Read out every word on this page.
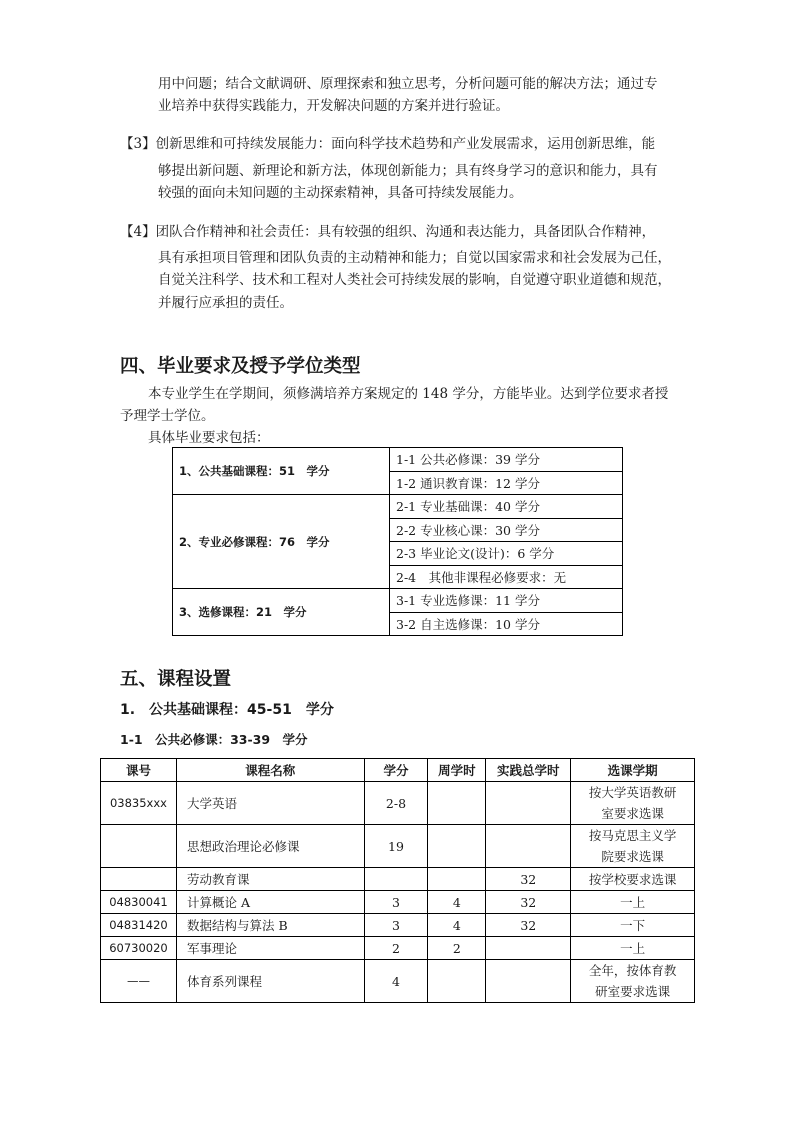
用中问题；结合文献调研、原理探索和独立思考，分析问题可能的解决方法；通过专
业培养中获得实践能力，开发解决问题的方案并进行验证。
【3】创新思维和可持续发展能力：面向科学技术趋势和产业发展需求，运用创新思维，能
够提出新问题、新理论和新方法，体现创新能力；具有终身学习的意识和能力，具有
较强的面向未知问题的主动探索精神，具备可持续发展能力。
【4】团队合作精神和社会责任：具有较强的组织、沟通和表达能力，具备团队合作精神，
具有承担项目管理和团队负责的主动精神和能力；自觉以国家需求和社会发展为己任，
自觉关注科学、技术和工程对人类社会可持续发展的影响，自觉遵守职业道德和规范，
并履行应承担的责任。
四、毕业要求及授予学位类型
本专业学生在学期间，须修满培养方案规定的 148 学分，方能毕业。达到学位要求者授
予理学士学位。
具体毕业要求包括：
1、公共基础课程：51　学分	1-1 公共必修课：39 学分
	1-2 通识教育课：12 学分
2、专业必修课程：76　学分	2-1 专业基础课：40 学分
	2-2 专业核心课：30 学分
	2-3 毕业论文(设计)：6 学分
	2-4　其他非课程必修要求：无
3、选修课程：21　学分	3-1 专业选修课：11 学分
	3-2 自主选修课：10 学分
五、课程设置
1.　公共基础课程：45-51　学分
1-1　公共必修课：33-39　学分
课号	课程名称	学分	周学时	实践总学时	选课学期
03835xxx	大学英语	2-8			按大学英语教研
室要求选课
	思想政治理论必修课	19			按马克思主义学
院要求选课
	劳动教育课			32	按学校要求选课
04830041	计算概论 A	3	4	32	一上
04831420	数据结构与算法 B	3	4	32	一下
60730020	军事理论	2	2		一上
——	体育系列课程	4			全年，按体育教
研室要求选课
